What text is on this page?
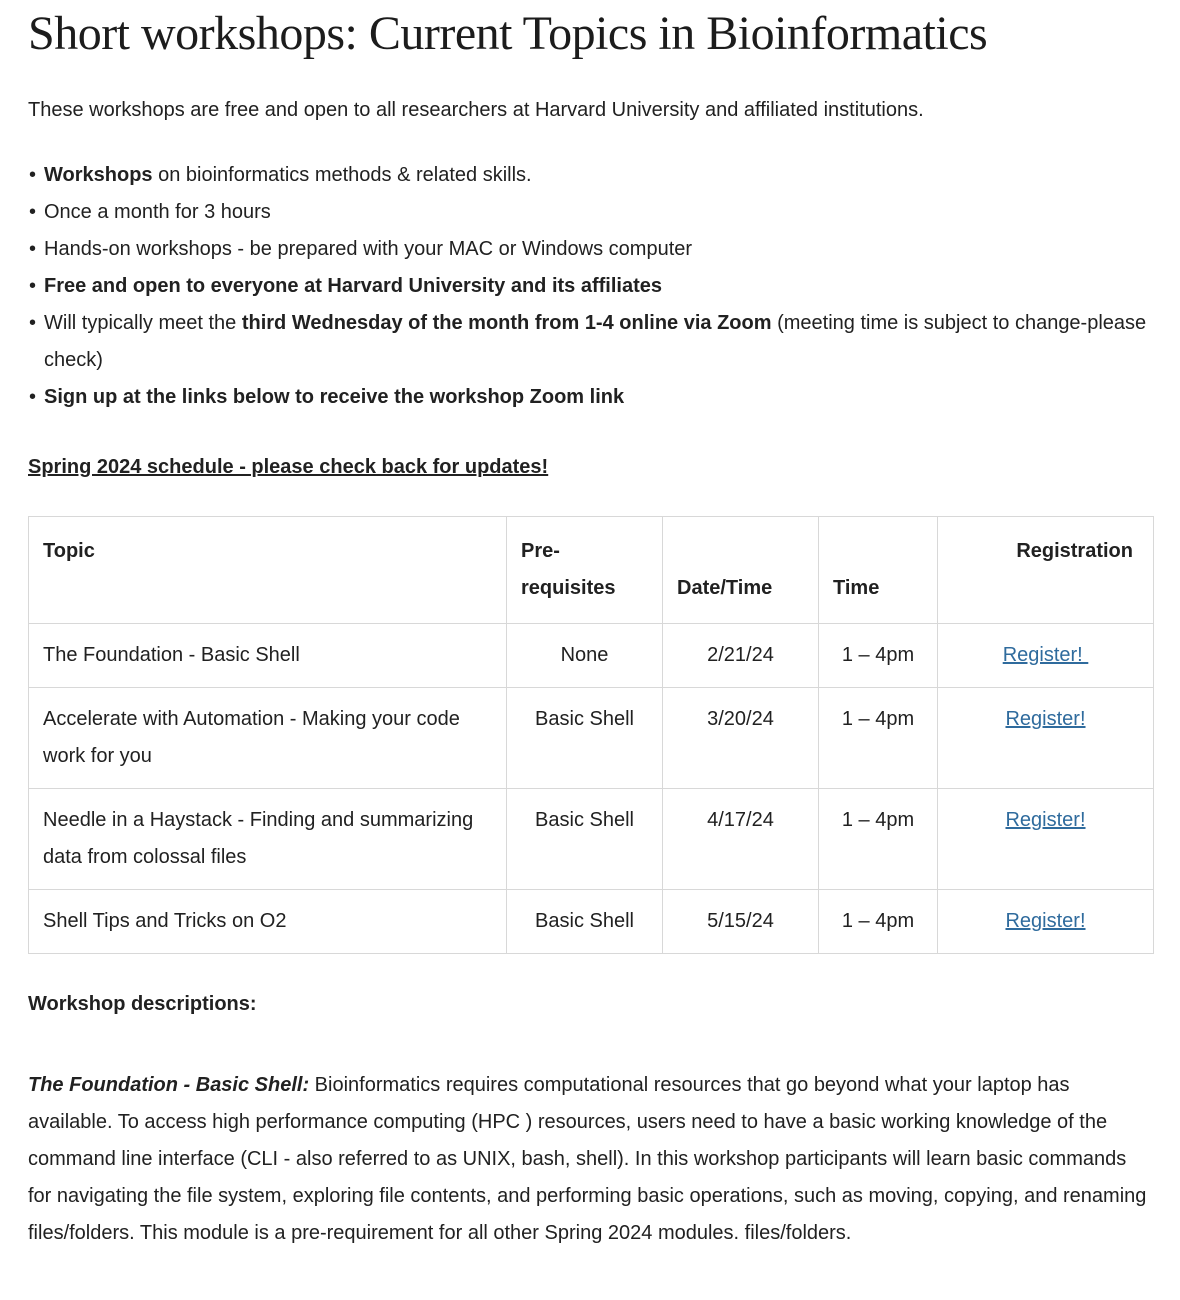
Short workshops: Current Topics in Bioinformatics

These workshops are free and open to all researchers at Harvard University and affiliated institutions.

• Workshops on bioinformatics methods & related skills.
• Once a month for 3 hours
• Hands-on workshops - be prepared with your MAC or Windows computer
• Free and open to everyone at Harvard University and its affiliates
• Will typically meet the third Wednesday of the month from 1-4 online via Zoom (meeting time is subject to change-please check)
• Sign up at the links below to receive the workshop Zoom link
Spring 2024 schedule - please check back for updates!
Topic	Pre-requisites	Date/Time	Time	Registration
The Foundation - Basic Shell	None	2/21/24	1 – 4pm	Register!
Accelerate with Automation - Making your code work for you	Basic Shell	3/20/24	1 – 4pm	Register!
Needle in a Haystack - Finding and summarizing data from colossal files	Basic Shell	4/17/24	1 – 4pm	Register!
Shell Tips and Tricks on O2	Basic Shell	5/15/24	1 – 4pm	Register!
Workshop descriptions:

The Foundation - Basic Shell: Bioinformatics requires computational resources that go beyond what your laptop has available. To access high performance computing (HPC ) resources, users need to have a basic working knowledge of the command line interface (CLI - also referred to as UNIX, bash, shell). In this workshop participants will learn basic commands for navigating the file system, exploring file contents, and performing basic operations, such as moving, copying, and renaming files/folders. This module is a pre-requirement for all other Spring 2024 modules. files/folders.
